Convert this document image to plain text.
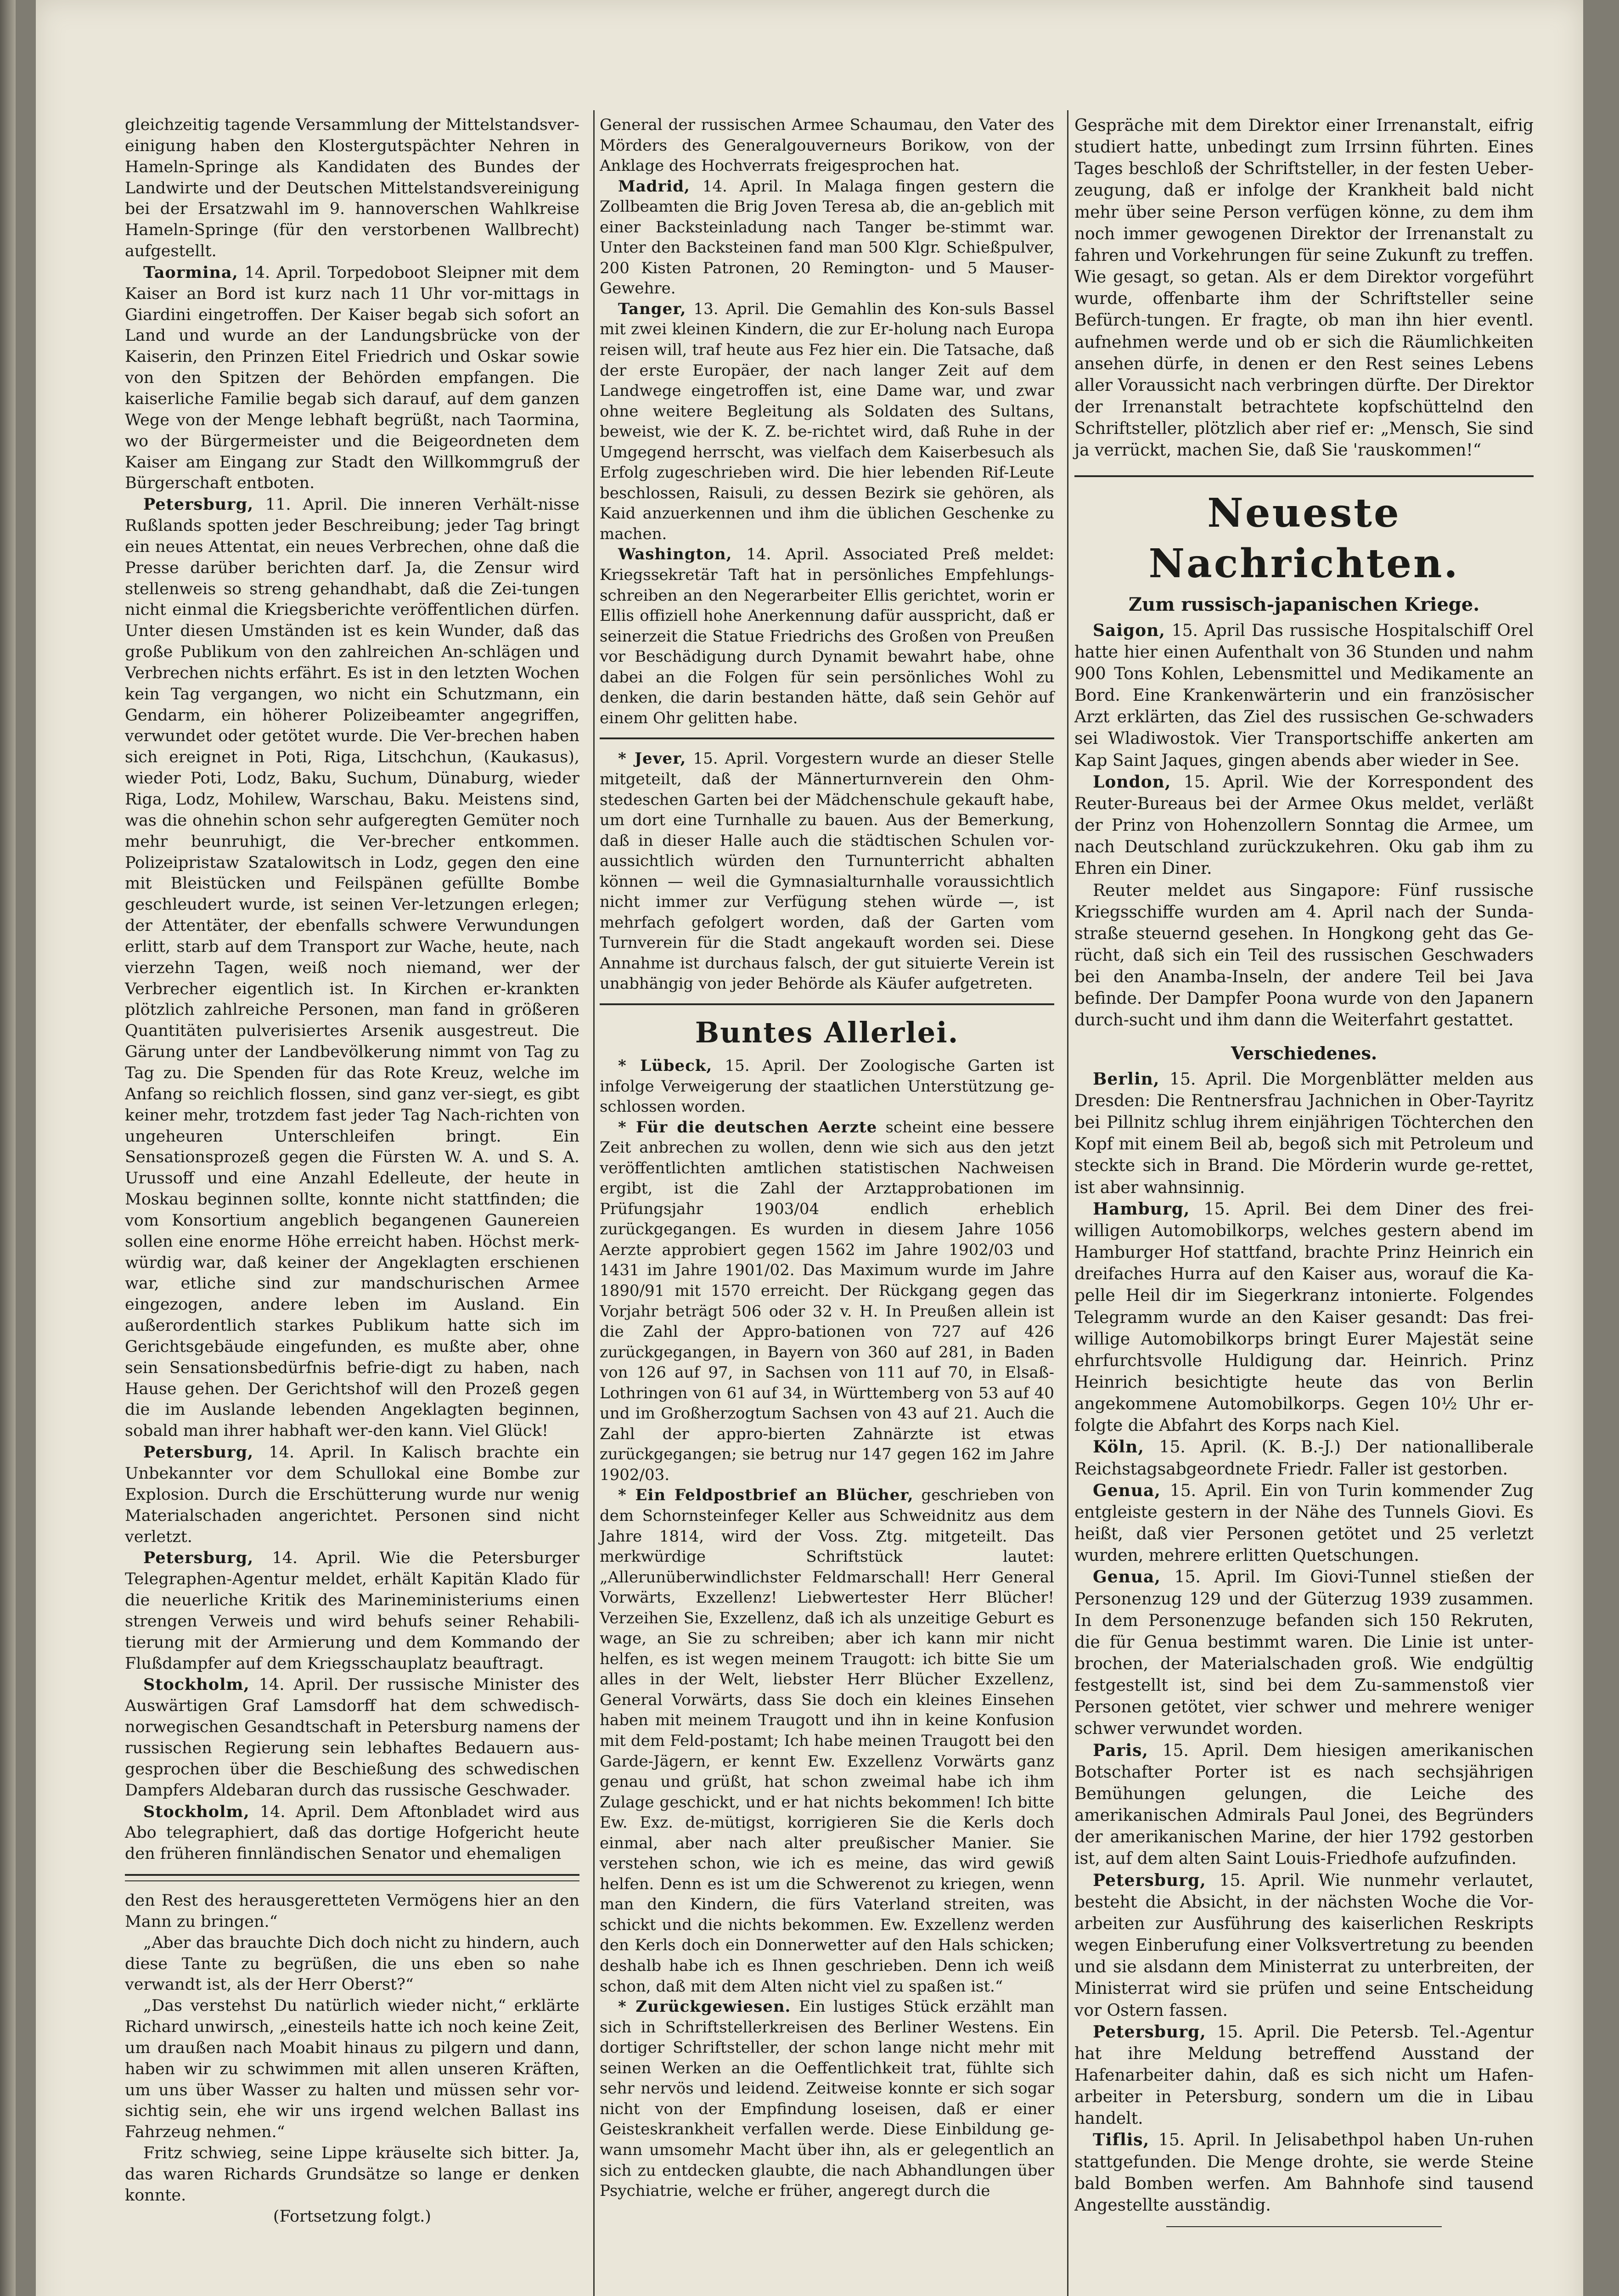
gleichzeitig tagende Versammlung der Mittelstandsver-einigung haben den Klostergutspächter Nehren in Hameln-Springe als Kandidaten des Bundes der Landwirte und der Deutschen Mittelstandsvereinigung bei der Ersatzwahl im 9. hannoverschen Wahlkreise Hameln-Springe (für den verstorbenen Wallbrecht) aufgestellt.

Taormina, 14. April. Torpedoboot Sleipner mit dem Kaiser an Bord ist kurz nach 11 Uhr vor-mittags in Giardini eingetroffen. Der Kaiser begab sich sofort an Land und wurde an der Landungsbrücke von der Kaiserin, den Prinzen Eitel Friedrich und Oskar sowie von den Spitzen der Behörden empfangen. Die kaiserliche Familie begab sich darauf, auf dem ganzen Wege von der Menge lebhaft begrüßt, nach Taormina, wo der Bürgermeister und die Beigeordneten dem Kaiser am Eingang zur Stadt den Willkommgruß der Bürgerschaft entboten.

Petersburg, 11. April. Die inneren Verhält-nisse Rußlands spotten jeder Beschreibung; jeder Tag bringt ein neues Attentat, ein neues Verbrechen, ohne daß die Presse darüber berichten darf. Ja, die Zensur wird stellenweis so streng gehandhabt, daß die Zei-tungen nicht einmal die Kriegsberichte veröffentlichen dürfen. Unter diesen Umständen ist es kein Wunder, daß das große Publikum von den zahlreichen An-schlägen und Verbrechen nichts erfährt. Es ist in den letzten Wochen kein Tag vergangen, wo nicht ein Schutzmann, ein Gendarm, ein höherer Polizeibeamter angegriffen, verwundet oder getötet wurde. Die Ver-brechen haben sich ereignet in Poti, Riga, Litschchun, (Kaukasus), wieder Poti, Lodz, Baku, Suchum, Dünaburg, wieder Riga, Lodz, Mohilew, Warschau, Baku. Meistens sind, was die ohnehin schon sehr aufgeregten Gemüter noch mehr beunruhigt, die Ver-brecher entkommen. Polizeipristaw Szatalowitsch in Lodz, gegen den eine mit Bleistücken und Feilspänen gefüllte Bombe geschleudert wurde, ist seinen Ver-letzungen erlegen; der Attentäter, der ebenfalls schwere Verwundungen erlitt, starb auf dem Transport zur Wache, heute, nach vierzehn Tagen, weiß noch niemand, wer der Verbrecher eigentlich ist. In Kirchen er-krankten plötzlich zahlreiche Personen, man fand in größeren Quantitäten pulverisiertes Arsenik ausgestreut. Die Gärung unter der Landbevölkerung nimmt von Tag zu Tag zu. Die Spenden für das Rote Kreuz, welche im Anfang so reichlich flossen, sind ganz ver-siegt, es gibt keiner mehr, trotzdem fast jeder Tag Nach-richten von ungeheuren Unterschleifen bringt. Ein Sensationsprozeß gegen die Fürsten W. A. und S. A. Urussoff und eine Anzahl Edelleute, der heute in Moskau beginnen sollte, konnte nicht stattfinden; die vom Konsortium angeblich begangenen Gaunereien sollen eine enorme Höhe erreicht haben. Höchst merk-würdig war, daß keiner der Angeklagten erschienen war, etliche sind zur mandschurischen Armee eingezogen, andere leben im Ausland. Ein außerordentlich starkes Publikum hatte sich im Gerichtsgebäude eingefunden, es mußte aber, ohne sein Sensationsbedürfnis befrie-digt zu haben, nach Hause gehen. Der Gerichtshof will den Prozeß gegen die im Auslande lebenden Angeklagten beginnen, sobald man ihrer habhaft wer-den kann. Viel Glück!

Petersburg, 14. April. In Kalisch brachte ein Unbekannter vor dem Schullokal eine Bombe zur Explosion. Durch die Erschütterung wurde nur wenig Materialschaden angerichtet. Personen sind nicht verletzt.

Petersburg, 14. April. Wie die Petersburger Telegraphen-Agentur meldet, erhält Kapitän Klado für die neuerliche Kritik des Marineministeriums einen strengen Verweis und wird behufs seiner Rehabili-tierung mit der Armierung und dem Kommando der Flußdampfer auf dem Kriegsschauplatz beauftragt.

Stockholm, 14. April. Der russische Minister des Auswärtigen Graf Lamsdorff hat dem schwedisch-norwegischen Gesandtschaft in Petersburg namens der russischen Regierung sein lebhaftes Bedauern aus-gesprochen über die Beschießung des schwedischen Dampfers Aldebaran durch das russische Geschwader.

Stockholm, 14. April. Dem Aftonbladet wird aus Abo telegraphiert, daß das dortige Hofgericht heute den früheren finnländischen Senator und ehemaligen

den Rest des herausgeretteten Vermögens hier an den Mann zu bringen.“

„Aber das brauchte Dich doch nicht zu hindern, auch diese Tante zu begrüßen, die uns eben so nahe verwandt ist, als der Herr Oberst?“

„Das verstehst Du natürlich wieder nicht,“ erklärte Richard unwirsch, „einesteils hatte ich noch keine Zeit, um draußen nach Moabit hinaus zu pilgern und dann, haben wir zu schwimmen mit allen unseren Kräften, um uns über Wasser zu halten und müssen sehr vor-sichtig sein, ehe wir uns irgend welchen Ballast ins Fahrzeug nehmen.“

Fritz schwieg, seine Lippe kräuselte sich bitter. Ja, das waren Richards Grundsätze so lange er denken konnte.

(Fortsetzung folgt.)

General der russischen Armee Schaumau, den Vater des Mörders des Generalgouverneurs Borikow, von der Anklage des Hochverrats freigesprochen hat.

Madrid, 14. April. In Malaga fingen gestern die Zollbeamten die Brig Joven Teresa ab, die an-geblich mit einer Backsteinladung nach Tanger be-stimmt war. Unter den Backsteinen fand man 500 Klgr. Schießpulver, 200 Kisten Patronen, 20 Remington- und 5 Mauser-Gewehre.

Tanger, 13. April. Die Gemahlin des Kon-suls Bassel mit zwei kleinen Kindern, die zur Er-holung nach Europa reisen will, traf heute aus Fez hier ein. Die Tatsache, daß der erste Europäer, der nach langer Zeit auf dem Landwege eingetroffen ist, eine Dame war, und zwar ohne weitere Begleitung als Soldaten des Sultans, beweist, wie der K. Z. be-richtet wird, daß Ruhe in der Umgegend herrscht, was vielfach dem Kaiserbesuch als Erfolg zugeschrieben wird. Die hier lebenden Rif-Leute beschlossen, Raisuli, zu dessen Bezirk sie gehören, als Kaid anzuerkennen und ihm die üblichen Geschenke zu machen.

Washington, 14. April. Associated Preß meldet: Kriegssekretär Taft hat in persönliches Empfehlungs-schreiben an den Negerarbeiter Ellis gerichtet, worin er Ellis offiziell hohe Anerkennung dafür ausspricht, daß er seinerzeit die Statue Friedrichs des Großen von Preußen vor Beschädigung durch Dynamit bewahrt habe, ohne dabei an die Folgen für sein persönliches Wohl zu denken, die darin bestanden hätte, daß sein Gehör auf einem Ohr gelitten habe.

* Jever, 15. April. Vorgestern wurde an dieser Stelle mitgeteilt, daß der Männerturnverein den Ohm-stedeschen Garten bei der Mädchenschule gekauft habe, um dort eine Turnhalle zu bauen. Aus der Bemerkung, daß in dieser Halle auch die städtischen Schulen vor-aussichtlich würden den Turnunterricht abhalten können — weil die Gymnasialturnhalle voraussichtlich nicht immer zur Verfügung stehen würde —, ist mehrfach gefolgert worden, daß der Garten vom Turnverein für die Stadt angekauft worden sei. Diese Annahme ist durchaus falsch, der gut situierte Verein ist unabhängig von jeder Behörde als Käufer aufgetreten.

Buntes Allerlei.

* Lübeck, 15. April. Der Zoologische Garten ist infolge Verweigerung der staatlichen Unterstützung ge-schlossen worden.

* Für die deutschen Aerzte scheint eine bessere Zeit anbrechen zu wollen, denn wie sich aus den jetzt veröffentlichten amtlichen statistischen Nachweisen ergibt, ist die Zahl der Arztapprobationen im Prüfungsjahr 1903/04 endlich erheblich zurückgegangen. Es wurden in diesem Jahre 1056 Aerzte approbiert gegen 1562 im Jahre 1902/03 und 1431 im Jahre 1901/02. Das Maximum wurde im Jahre 1890/91 mit 1570 erreicht. Der Rückgang gegen das Vorjahr beträgt 506 oder 32 v. H. In Preußen allein ist die Zahl der Appro-bationen von 727 auf 426 zurückgegangen, in Bayern von 360 auf 281, in Baden von 126 auf 97, in Sachsen von 111 auf 70, in Elsaß-Lothringen von 61 auf 34, in Württemberg von 53 auf 40 und im Großherzogtum Sachsen von 43 auf 21. Auch die Zahl der appro-bierten Zahnärzte ist etwas zurückgegangen; sie betrug nur 147 gegen 162 im Jahre 1902/03.

* Ein Feldpostbrief an Blücher, geschrieben von dem Schornsteinfeger Keller aus Schweidnitz aus dem Jahre 1814, wird der Voss. Ztg. mitgeteilt. Das merkwürdige Schriftstück lautet: „Allerunüberwindlichster Feldmarschall! Herr General Vorwärts, Exzellenz! Liebwertester Herr Blücher! Verzeihen Sie, Exzellenz, daß ich als unzeitige Geburt es wage, an Sie zu schreiben; aber ich kann mir nicht helfen, es ist wegen meinem Traugott: ich bitte Sie um alles in der Welt, liebster Herr Blücher Exzellenz, General Vorwärts, dass Sie doch ein kleines Einsehen haben mit meinem Traugott und ihn in keine Konfusion mit dem Feld-postamt; Ich habe meinen Traugott bei den Garde-Jägern, er kennt Ew. Exzellenz Vorwärts ganz genau und grüßt, hat schon zweimal habe ich ihm Zulage geschickt, und er hat nichts bekommen! Ich bitte Ew. Exz. de-mütigst, korrigieren Sie die Kerls doch einmal, aber nach alter preußischer Manier. Sie verstehen schon, wie ich es meine, das wird gewiß helfen. Denn es ist um die Schwerenot zu kriegen, wenn man den Kindern, die fürs Vaterland streiten, was schickt und die nichts bekommen. Ew. Exzellenz werden den Kerls doch ein Donnerwetter auf den Hals schicken; deshalb habe ich es Ihnen geschrieben. Denn ich weiß schon, daß mit dem Alten nicht viel zu spaßen ist.“

* Zurückgewiesen. Ein lustiges Stück erzählt man sich in Schriftstellerkreisen des Berliner Westens. Ein dortiger Schriftsteller, der schon lange nicht mehr mit seinen Werken an die Oeffentlichkeit trat, fühlte sich sehr nervös und leidend. Zeitweise konnte er sich sogar nicht von der Empfindung loseisen, daß er einer Geisteskrankheit verfallen werde. Diese Einbildung ge-wann umsomehr Macht über ihn, als er gelegentlich an sich zu entdecken glaubte, die nach Abhandlungen über Psychiatrie, welche er früher, angeregt durch die

Gespräche mit dem Direktor einer Irrenanstalt, eifrig studiert hatte, unbedingt zum Irrsinn führten. Eines Tages beschloß der Schriftsteller, in der festen Ueber-zeugung, daß er infolge der Krankheit bald nicht mehr über seine Person verfügen könne, zu dem ihm noch immer gewogenen Direktor der Irrenanstalt zu fahren und Vorkehrungen für seine Zukunft zu treffen. Wie gesagt, so getan. Als er dem Direktor vorgeführt wurde, offenbarte ihm der Schriftsteller seine Befürch-tungen. Er fragte, ob man ihn hier eventl. aufnehmen werde und ob er sich die Räumlichkeiten ansehen dürfe, in denen er den Rest seines Lebens aller Voraussicht nach verbringen dürfte. Der Direktor der Irrenanstalt betrachtete kopfschüttelnd den Schriftsteller, plötzlich aber rief er: „Mensch, Sie sind ja verrückt, machen Sie, daß Sie 'rauskommen!“

Neueste Nachrichten.
Zum russisch-japanischen Kriege.

Saigon, 15. April Das russische Hospitalschiff Orel hatte hier einen Aufenthalt von 36 Stunden und nahm 900 Tons Kohlen, Lebensmittel und Medikamente an Bord. Eine Krankenwärterin und ein französischer Arzt erklärten, das Ziel des russischen Ge-schwaders sei Wladiwostok. Vier Transportschiffe ankerten am Kap Saint Jaques, gingen abends aber wieder in See.

London, 15. April. Wie der Korrespondent des Reuter-Bureaus bei der Armee Okus meldet, verläßt der Prinz von Hohenzollern Sonntag die Armee, um nach Deutschland zurückzukehren. Oku gab ihm zu Ehren ein Diner.

Reuter meldet aus Singapore: Fünf russische Kriegsschiffe wurden am 4. April nach der Sunda-straße steuernd gesehen. In Hongkong geht das Ge-rücht, daß sich ein Teil des russischen Geschwaders bei den Anamba-Inseln, der andere Teil bei Java befinde. Der Dampfer Poona wurde von den Japanern durch-sucht und ihm dann die Weiterfahrt gestattet.

Verschiedenes.

Berlin, 15. April. Die Morgenblätter melden aus Dresden: Die Rentnersfrau Jachnichen in Ober-Tayritz bei Pillnitz schlug ihrem einjährigen Töchterchen den Kopf mit einem Beil ab, begoß sich mit Petroleum und steckte sich in Brand. Die Mörderin wurde ge-rettet, ist aber wahnsinnig.

Hamburg, 15. April. Bei dem Diner des frei-willigen Automobilkorps, welches gestern abend im Hamburger Hof stattfand, brachte Prinz Heinrich ein dreifaches Hurra auf den Kaiser aus, worauf die Ka-pelle Heil dir im Siegerkranz intonierte. Folgendes Telegramm wurde an den Kaiser gesandt: Das frei-willige Automobilkorps bringt Eurer Majestät seine ehrfurchtsvolle Huldigung dar. Heinrich. Prinz Heinrich besichtigte heute das von Berlin angekommene Automobilkorps. Gegen 10½ Uhr er-folgte die Abfahrt des Korps nach Kiel.

Köln, 15. April. (K. B.-J.) Der nationalliberale Reichstagsabgeordnete Friedr. Faller ist gestorben.

Genua, 15. April. Ein von Turin kommender Zug entgleiste gestern in der Nähe des Tunnels Giovi. Es heißt, daß vier Personen getötet und 25 verletzt wurden, mehrere erlitten Quetschungen.

Genua, 15. April. Im Giovi-Tunnel stießen der Personenzug 129 und der Güterzug 1939 zusammen. In dem Personenzuge befanden sich 150 Rekruten, die für Genua bestimmt waren. Die Linie ist unter-brochen, der Materialschaden groß. Wie endgültig festgestellt ist, sind bei dem Zu-sammenstoß vier Personen getötet, vier schwer und mehrere weniger schwer verwundet worden.

Paris, 15. April. Dem hiesigen amerikanischen Botschafter Porter ist es nach sechsjährigen Bemühungen gelungen, die Leiche des amerikanischen Admirals Paul Jonei, des Begründers der amerikanischen Marine, der hier 1792 gestorben ist, auf dem alten Saint Louis-Friedhofe aufzufinden.

Petersburg, 15. April. Wie nunmehr verlautet, besteht die Absicht, in der nächsten Woche die Vor-arbeiten zur Ausführung des kaiserlichen Reskripts wegen Einberufung einer Volksvertretung zu beenden und sie alsdann dem Ministerrat zu unterbreiten, der Ministerrat wird sie prüfen und seine Entscheidung vor Ostern fassen.

Petersburg, 15. April. Die Petersb. Tel.-Agentur hat ihre Meldung betreffend Ausstand der Hafenarbeiter dahin, daß es sich nicht um Hafen-arbeiter in Petersburg, sondern um die in Libau handelt.

Tiflis, 15. April. In Jelisabethpol haben Un-ruhen stattgefunden. Die Menge drohte, sie werde Steine bald Bomben werfen. Am Bahnhofe sind tausend Angestellte ausständig.
